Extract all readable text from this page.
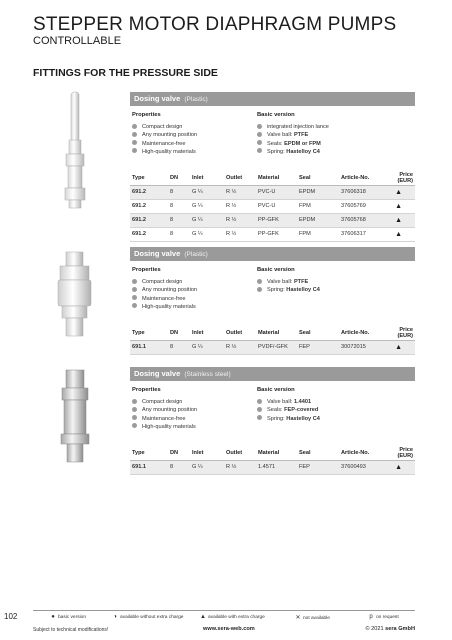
STEPPER MOTOR DIAPHRAGM PUMPS
CONTROLLABLE
FITTINGS FOR THE PRESSURE SIDE
Dosing valve (Plastic)
Properties
Compact design
Any mounting position
Maintenance-free
High-quality materials
Basic version
integrated injection lance
Valve ball: PTFE
Seals: EPDM or FPM
Spring: Hastelloy C4
Type	DN	Inlet	Outlet	Material	Seal	Article-No.	Price (EUR)
691.2	8	G ¼	R ½	PVC-U	EPDM	37606318	▲
691.2	8	G ¼	R ½	PVC-U	FPM	37605769	▲
691.2	8	G ¼	R ½	PP-GFK	EPDM	37605768	▲
691.2	8	G ¼	R ½	PP-GFK	FPM	37606317	▲
Dosing valve (Plastic)
Properties
Compact design
Any mounting position
Maintenance-free
High-quality materials
Basic version
Valve ball: PTFE
Spring: Hastelloy C4
Type	DN	Inlet	Outlet	Material	Seal	Article-No.	Price (EUR)
691.1	8	G ¼	R ½	PVDF/-GFK	FEP	30072015	▲
Dosing valve (Stainless steel)
Properties
Compact design
Any mounting position
Maintenance-free
High-quality materials
Basic version
Valve ball: 1.4401
Seals: FEP-covered
Spring: Hastelloy C4
Type	DN	Inlet	Outlet	Material	Seal	Article-No.	Price (EUR)
691.1	8	G ¼	R ½	1.4571	FEP	37600493	▲
102	● basic version	◑ available without extra charge	▲ available with extra charge	✕ not available	p on request
Subject to technical modifications!	www.sera-web.com	© 2021 sera GmbH
